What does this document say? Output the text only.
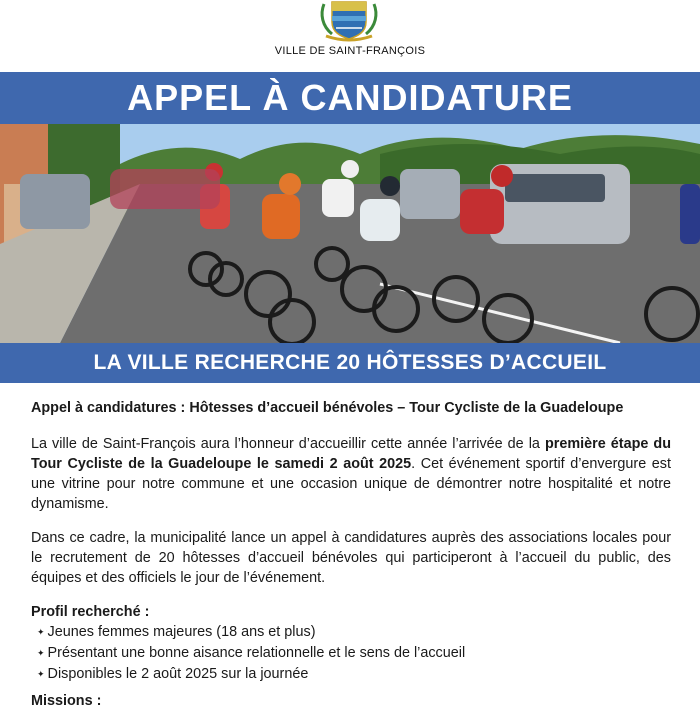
VILLE DE SAINT-FRANÇOIS
APPEL À CANDIDATURE
LA VILLE RECHERCHE 20 HÔTESSES D’ACCUEIL
Appel à candidatures : Hôtesses d’accueil bénévoles – Tour Cycliste de la Guadeloupe

La ville de Saint-François aura l’honneur d’accueillir cette année l’arrivée de la première étape du Tour Cycliste de la Guadeloupe le samedi 2 août 2025. Cet événement sportif d’envergure est une vitrine pour notre commune et une occasion unique de démontrer notre hospitalité et notre dynamisme.

Dans ce cadre, la municipalité lance un appel à candidatures auprès des associations locales pour le recrutement de 20 hôtesses d’accueil bénévoles qui participeront à l’accueil du public, des équipes et des officiels le jour de l’événement.

Profil recherché :
✦ Jeunes femmes majeures (18 ans et plus)
✦ Présentant une bonne aisance relationnelle et le sens de l’accueil
✦ Disponibles le 2 août 2025 sur la journée
Missions :
